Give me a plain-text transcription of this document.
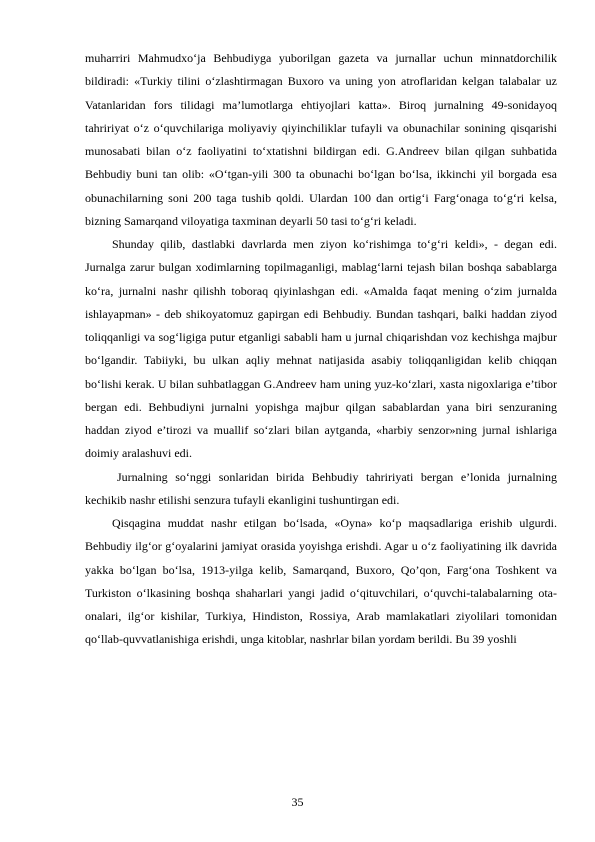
muharriri Mahmudxo‘ja Behbudiyga yuborilgan gazeta va jurnallar uchun minnatdorchilik bildiradi: «Turkiy tilini o‘zlashtirmagan Buxoro va uning yon atroflaridan kelgan talabalar uz Vatanlaridan fors tilidagi ma’lumotlarga ehtiyojlari katta». Biroq jurnalning 49-sonidayoq tahririyat o‘z o‘quvchilariga moliyaviy qiyinchiliklar tufayli va obunachilar sonining qisqarishi munosabati bilan o‘z faoliyatini to‘xtatishni bildirgan edi. G.Andreev bilan qilgan suhbatida Behbudiy buni tan olib: «O‘tgan-yili 300 ta obunachi bo‘lgan bo‘lsa, ikkinchi yil borgada esa obunachilarning soni 200 taga tushib qoldi. Ulardan 100 dan ortig‘i Farg‘onaga to‘g‘ri kelsa, bizning Samarqand viloyatiga taxminan deyarli 50 tasi to‘g‘ri keladi.

Shunday qilib, dastlabki davrlarda men ziyon ko‘rishimga to‘g‘ri keldi», - degan edi. Jurnalga zarur bulgan xodimlarning topilmaganligi, mablag‘larni tejash bilan boshqa sabablarga ko‘ra, jurnalni nashr qilishh toboraq qiyinlashgan edi. «Amalda faqat mening o‘zim jurnalda ishlayapman» - deb shikoyatomuz gapirgan edi Behbudiy. Bundan tashqari, balki haddan ziyod toliqqanligi va sog‘ligiga putur etganligi sababli ham u jurnal chiqarishdan voz kechishga majbur bo‘lgandir. Tabiiyki, bu ulkan aqliy mehnat natijasida asabiy toliqqanligidan kelib chiqqan bo‘lishi kerak. U bilan suhbatlaggan G.Andreev ham uning yuz-ko‘zlari, xasta nigoxlariga e’tibor bergan edi. Behbudiyni jurnalni yopishga majbur qilgan sabablardan yana biri senzuraning haddan ziyod e’tirozi va muallif so‘zlari bilan aytganda, «harbiy senzor»ning jurnal ishlariga doimiy aralashuvi edi.

Jurnalning so‘nggi sonlaridan birida Behbudiy tahririyati bergan e’lonida jurnalning kechikib nashr etilishi senzura tufayli ekanligini tushuntirgan edi.

Qisqagina muddat nashr etilgan bo‘lsada, «Oyna» ko‘p maqsadlariga erishib ulgurdi. Behbudiy ilg‘or g‘oyalarini jamiyat orasida yoyishga erishdi. Agar u o‘z faoliyatining ilk davrida yakka bo‘lgan bo‘lsa, 1913-yilga kelib, Samarqand, Buxoro, Qo’qon, Farg‘ona Toshkent va Turkiston o‘lkasining boshqa shaharlari yangi jadid o‘qituvchilari, o‘quvchi-talabalarning ota-onalari, ilg‘or kishilar, Turkiya, Hindiston, Rossiya, Arab mamlakatlari ziyolilari tomonidan qo‘llab-quvvatlanishiga erishdi, unga kitoblar, nashrlar bilan yordam berildi. Bu 39 yoshli

35
